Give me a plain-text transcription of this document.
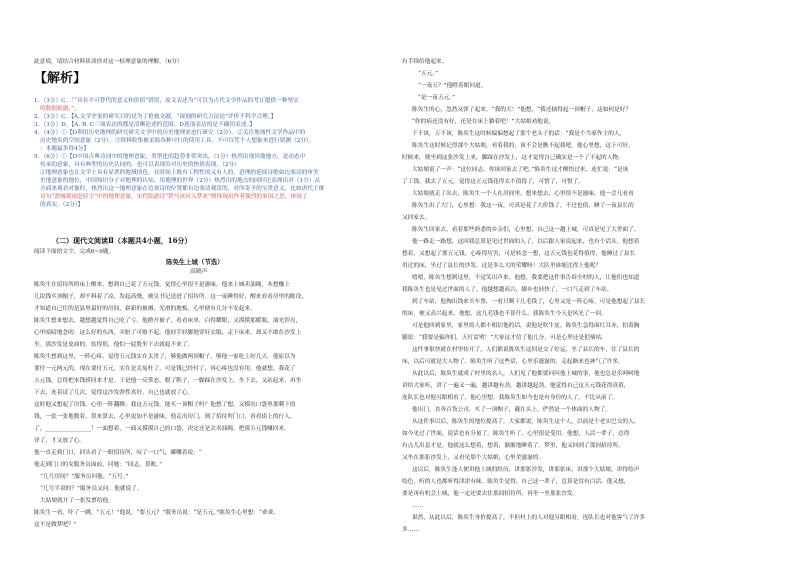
此意境，请结合材料谈谈你对这一枯理意象的理解。（6分）
【解析】
1．（3分）C。「“具有不可替代的意义和价值”错误，原文表述为“可以为古代文学作品的考订提供一种坚实
的数据依据。”」
2．（3分）C。【A.文学史家的研究目的是为了抢救文献，“深刻的研究方法论”评价不科学合理。】
3．（3分）D。【A. B. C三项表达的都是清晰论述的范围，D选项表达的是不确切表述。】
4．（4分）①【D利用历史地理的研究研究文学中的历史地理来进行研究（2分）。②关注地域性文学作品中的
历史地名的空间意象（2分）。③资料收集被采取各种可行的使用工具，不可仅凭个人想象来进行猜测（2分）。
：本题最多得4分】
5．（6分）①【D中国古典诗词中的地理意象，类型化的趋势非常突出，（1分）热烈出现其他地方，是动态中
传承的意象，具有典型的历史认同的，也可以表现出对历史的热情表现，（2分）
②地理意象也在文学上具有显著的地域情色，在时间上既有工程性的又有人的，意理的延续诗歌如边塞诗的审美
史地意象的地位，中国知识分子对地理的认知，用地理的世界（2分）热烈出的地点的同时还表现出对（1分）从
方面来观看对象时，热烈出这一地理意象在边塞诗的位置都有边塞诗观赏的，对所寄予的宝贵意义，比如唐代王维
诗句“渭城朝雨浥轻尘”中的地理意象，宋代陆游诗“铁马冰河入梦来”则体现出作者强烈的家国之思，体现了
的真实。（2分）】
（二）现代文阅读Ⅱ（本题共4小题，16分）
阅读下面的文字，完成6~9题。
陈奂生上城（节选）
高晓声
陈奂生在招待所的床上醒来，想到自己花了五元钱，觉得心里很不是滋味。他来上城卖油绳，本想赚上
几块钱买顶帽子，却不料着了凉，发起高烧，被吴书记送进了招待所。这一夜睡得好，醒来看看房里的陈设，
才知道自己住的是县里最好的房间，崭新的被褥，光滑的地板，心里便有几分不安起来。
陈奂生想来想去，越想越觉得自己吃了亏。他掀开被子，看看床单，白得耀眼，又摸摸那暖瓶，油光锃亮，
心里暗暗地念叨：这么好的东西，弄脏了可赔不起。他轻手轻脚地穿好衣服，走下床来，却又不敢在沙发上
坐。那沙发是皮面的，软得很，他怕一屁股坐下去就起不来了。
陈奂生想到这里，一阵心疼，觉得五元钱实在太贵了，够他做两顶帽子，够他一家吃上好几天。他原以为
要付一元两元的，现在要付五元，实在是太冤枉了。可是钱已经付了，再心疼也没有用。他就想，我花了
五元钱，总得把本钱捞回来才是。于是他一反常态，脱了鞋子，一脚踩在沙发上，坐下去，又站起来，再坐
下去，连着试了几次，觉得这沙发弹性真好，自己也就放了心。
这时他又想起了房钱，心里一阵翻腾：我这五元钱，能买一顶帽子吗？他想了想，又摸出口袋里那剩下的
钱，一张一张地数着，算来算去，心里更加不是滋味。他走出房门，到了招待所门口，看看街上的行人，
了，________________！一面想着，一面又摸摸自己的口袋，决定还是去卖油绳，把那五元钱赚回来。
译了，才又放了心。
他一直走到门口，回头看了一眼招待所，叹了一口气，嘟囔着说：“
他走到门口的女服务员面前，问她：“同志，算账。”
“几号房间？”服务员问他。“五号。”
“几号半双的？”服务员又问。他就说了。
大姑娘就开了一张发票给他。
陈奂生一看，吓了一跳，“五元！”他说，“要五元？”服务员说：“是五元。”陈奂生心里想：“乖乖，
这不是做梦吧？”
有手续给他起来。
“五元。”
“一夜五？”他瞪着眼问道。
“是一夜五元。”
陈奂生的心，忽然又弹了起来。“我的天！”他想，“我还抽得起一顶帽子，这如何是好？
“你的病还没有好，还是在床上躺着吧！”大姑娘劝他说。
千不该，万不该，陈奂生这时候偏偏想起了那个老头子的话：“我是个当家作主的人，
陈奂生这时候记得那个大姑娘，看着我的，该不会是瞧不起我吧。他心里想，这下可好，
时候来，便坐到这张沙发上来，脚踩在沙发上，这才觉得自己确实是一个了不起的人物。
大姑娘说了一声：“这位同志，你该回家去了吧。”陈奂生这才醒悟过来，连忙说：“是该
了工钱。我去了五元，觉得这五元钱花得太不值得了，可惜了，可惜了。
大姑娘就走了出去，陈奂生一个人在房间里，想来想去，心里很不是滋味。他一会儿看看
陈奂生出了大门，心里想：我这一夜，可真是花了大价钱了，不过也值，睡了一夜县长的
又回家去。
陈奂生回家去，看着那些熟悉的乡亲们，心里想，自己这一趟上城，可真是见了大世面了。
他一路走一路想，这回我总算是见过世面的人了，以后跟人家说起来，也有个话头。他想着
想着，又想起了那五元钱，心疼得厉害，可是转念一想，这五元钱也花得值得，他睡过了县长
用过的床，坐过了县长的沙发，这是多么大的荣耀呀！大队里谁能比得上他呢？
嘻嘻，陈奂生想到这里，不觉笑出声来。他想，我要把这件事告诉全村的人，让他们也知道
我陈奂生也是见过世面的人了。他越想越高兴，脚步也轻快了，一口气走到了车站。
到了车站，他掏出钱来买车票，一看只剩下几毛钱了，心里又是一阵心疼。可是他想起了县长
的床，便又高兴起来。他想，这几毛钱也不算什么，我陈奂生今天是风光了一回。
可是他回到家里，家里的人都不相信他的话，说他是吹牛皮。陈奂生急得面红耳赤，拍着胸
脯说：“我要是骗你们，天打雷劈！”大家这才信了他几分，可是心里还是犯嘀咕。
这件事很快就在村里传开了，人们都说陈奂生这回是交了好运，坐了县长的车，住了县长的
床，以后可就是大人物了。陈奂生听了这些话，心里乐滋滋的，走起路来也神气了许多。
从此以后，陈奂生就成了村里的名人，人们见了他都要问问他上城的事，他也总是乐呵呵地
讲给大家听，讲了一遍又一遍，越讲越有劲，越讲越起劲。他觉得自己这五元钱花得真值，
连队长也对他另眼相看了。他心里想，我陈奂生如今也是有身份的人了，不比从前了。
他出门，直奔百货公司，买了一顶帽子，戴在头上，俨然是一个体面的人物了。
从这件事以后，陈奂生的地位提高了。大家都说，陈奂生这个人，以前是个老实巴交的人，
如今见过了世面，说话也有分量了。陈奂生听了，心里很是受用。他想，人活一辈子，总得
有点儿出息才是。他就这么想着，想着，渐渐地睡着了。梦里，他又回到了那间招待所，
又坐在那张沙发上，又看见那个大姑娘，心里美滋滋的。
这以后，陈奂生逢人便讲他上城的经历，讲那张沙发，讲那张床，讲那个大姑娘，讲得绘声
绘色，听的人也都听得津津有味。陈奂生觉得，自己这一辈子，总算是没有白活。他又想，
要是再有机会上城，他一定还要去住那间招待所，再坐一坐那张沙发。
……
果然，从此以后，陈奂生身价提高了，不但村上的人对他另眼相看，连队长也对他客气了许多
多……
